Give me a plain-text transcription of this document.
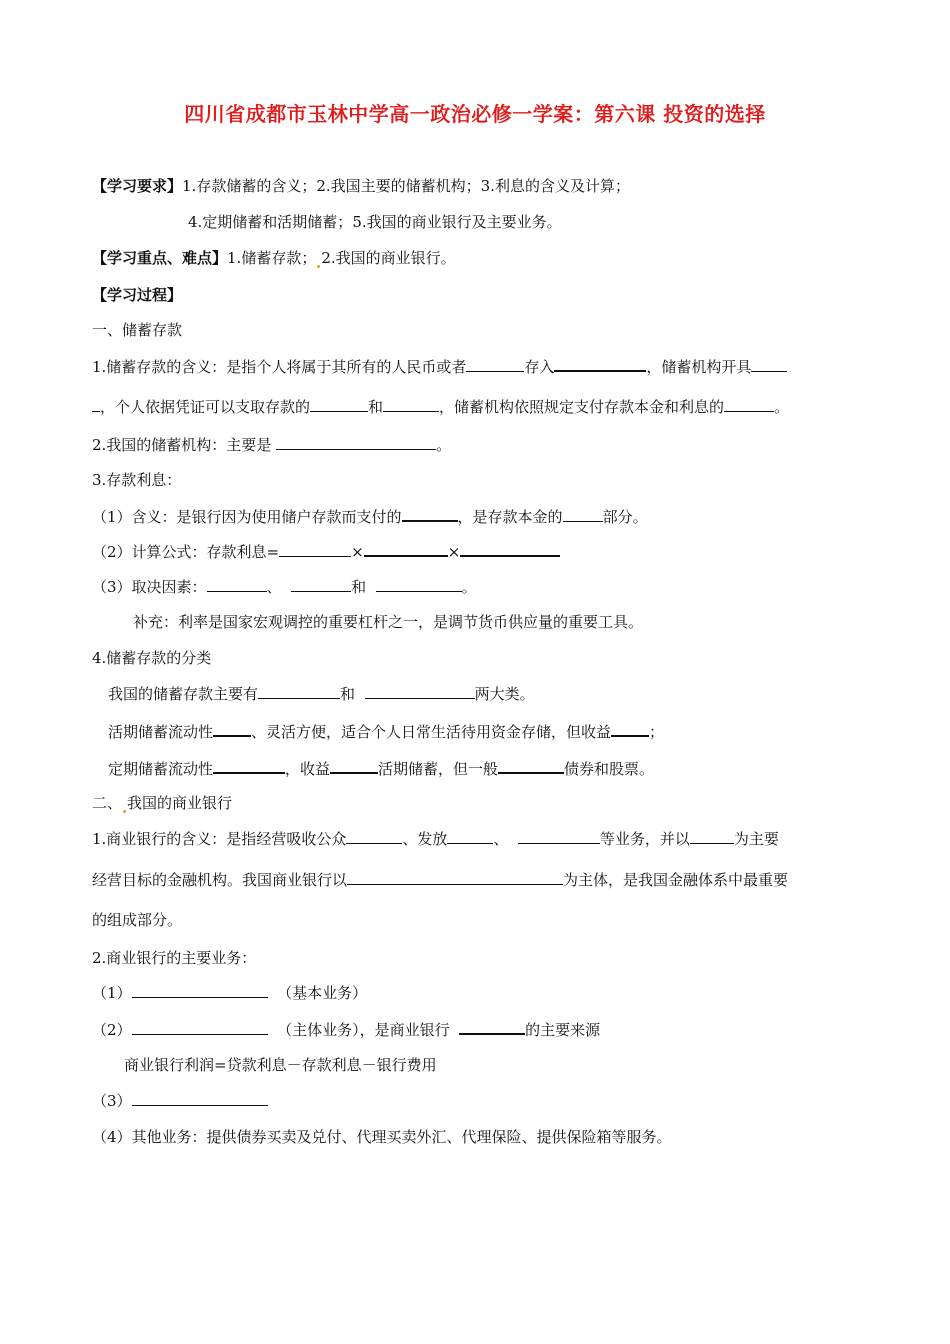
四川省成都市玉林中学高一政治必修一学案：第六课 投资的选择
【学习要求】1.存款储蓄的含义；2.我国主要的储蓄机构；3.利息的含义及计算；
4.定期储蓄和活期储蓄；5.我国的商业银行及主要业务。
【学习重点、难点】1.储蓄存款； 2.我国的商业银行。
【学习过程】
一、储蓄存款
1.储蓄存款的含义：是指个人将属于其所有的人民币或者	存入	，储蓄机构开具
，个人依据凭证可以支取存款的	和	，储蓄机构依照规定支付存款本金和利息的	。
2.我国的储蓄机构：主要是	。
3.存款利息：
（1）含义：是银行因为使用储户存款而支付的	，是存款本金的	部分。
（2）计算公式：存款利息=	×	×
（3）取决因素：	、	和	。
补充：利率是国家宏观调控的重要杠杆之一，是调节货币供应量的重要工具。
4.储蓄存款的分类
我国的储蓄存款主要有	和	两大类。
活期储蓄流动性	、灵活方便，适合个人日常生活待用资金存储，但收益	；
定期储蓄流动性	，收益	活期储蓄，但一般	债券和股票。
二、 我国的商业银行
1.商业银行的含义：是指经营吸收公众	、发放	、	等业务，并以	为主要
经营目标的金融机构。我国商业银行以	为主体，是我国金融体系中最重要
的组成部分。
2.商业银行的主要业务：
（1）	（基本业务）
（2）	（主体业务），是商业银行	的主要来源
商业银行利润=贷款利息－存款利息－银行费用
（3）
（4）其他业务：提供债券买卖及兑付、代理买卖外汇、代理保险、提供保险箱等服务。
